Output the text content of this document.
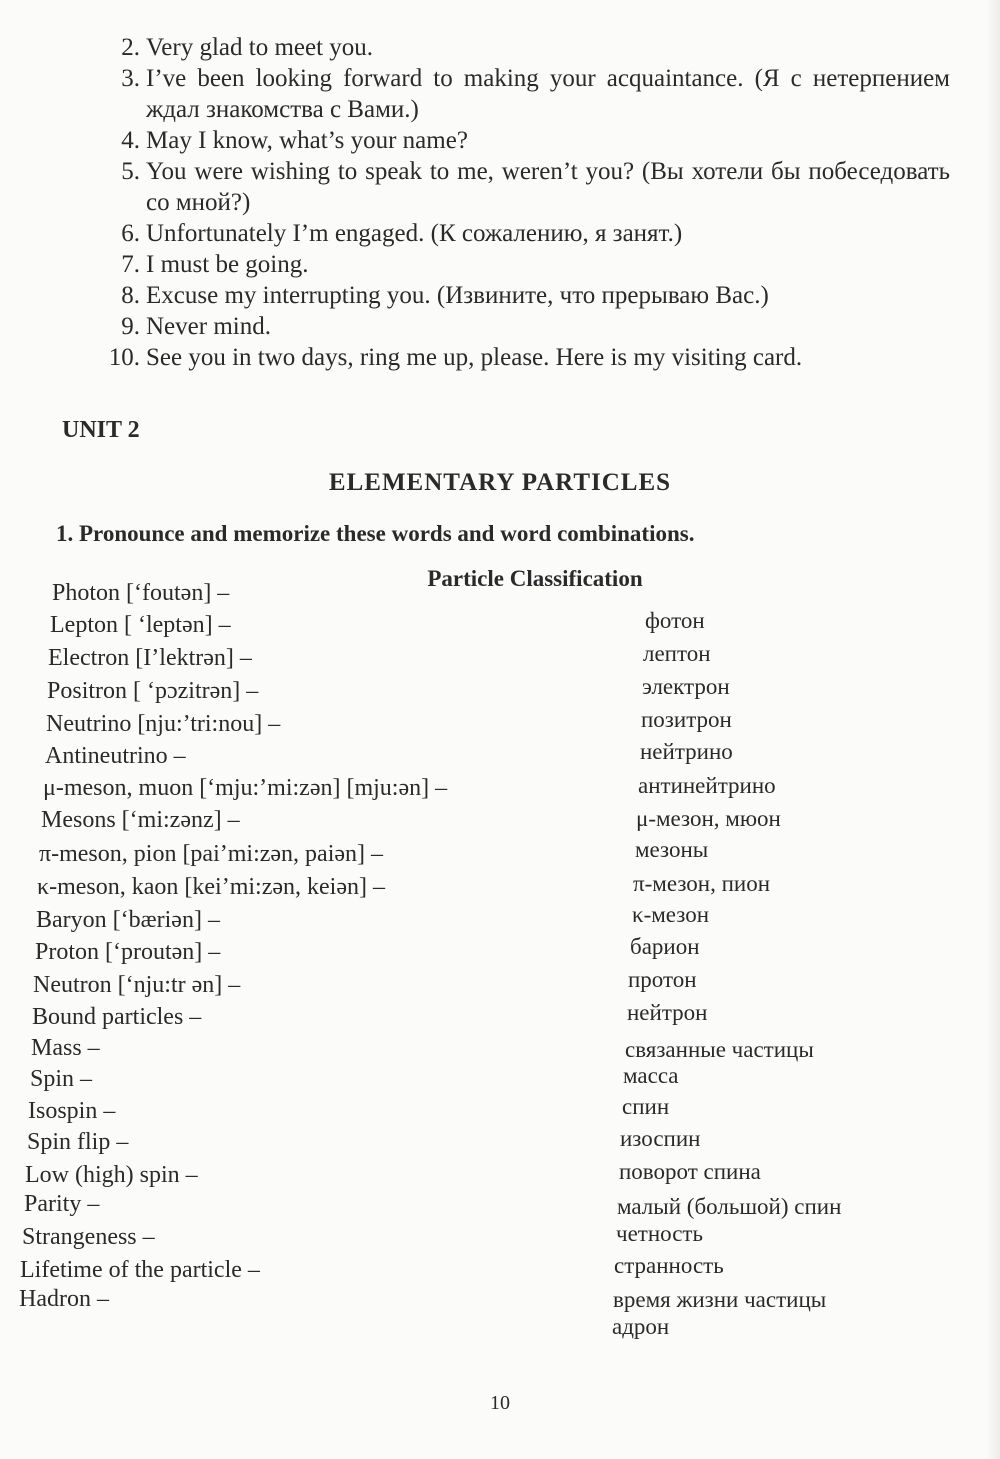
2. Very glad to meet you.
3. I’ve been looking forward to making your acquaintance. (Я с нетерпением ждал знакомства с Вами.)
4. May I know, what’s your name?
5. You were wishing to speak to me, weren’t you? (Вы хотели бы побеседовать со мной?)
6. Unfortunately I’m engaged. (К сожалению, я занят.)
7. I must be going.
8. Excuse my interrupting you. (Извините, что прерываю Вас.)
9. Never mind.
10. See you in two days, ring me up, please. Here is my visiting card.
UNIT 2
ELEMENTARY PARTICLES
1. Pronounce and memorize these words and word combinations.
Particle Classification
Photon [‘foutən] –
фотон
Lepton [ ‘leptən] –
лептон
Electron [I’lektrən] –
электрон
Positron [ ‘pɔzitrən] –
позитрон
Neutrino [nju:’tri:nou] –
нейтрино
Antineutrino –
антинейтрино
μ-meson, muon [‘mju:’mi:zən] [mju:ən] –
μ-мезон, мюон
Mesons [‘mi:zənz] –
мезоны
π-meson, pion [pai’mi:zən, paiən] –
π-мезон, пион
κ-meson, kaon [kei’mi:zən, keiən] –
κ-мезон
Baryon [‘bæriən] –
барион
Proton [‘proutən] –
протон
Neutron [‘nju:tr ən] –
нейтрон
Bound particles –
связанные частицы
Mass –
масса
Spin –
спин
Isospin –
изоспин
Spin flip –
поворот спина
Low (high) spin –
малый (большой) спин
Parity –
четность
Strangeness –
странность
Lifetime of the particle –
время жизни частицы
Hadron –
адрон
10
